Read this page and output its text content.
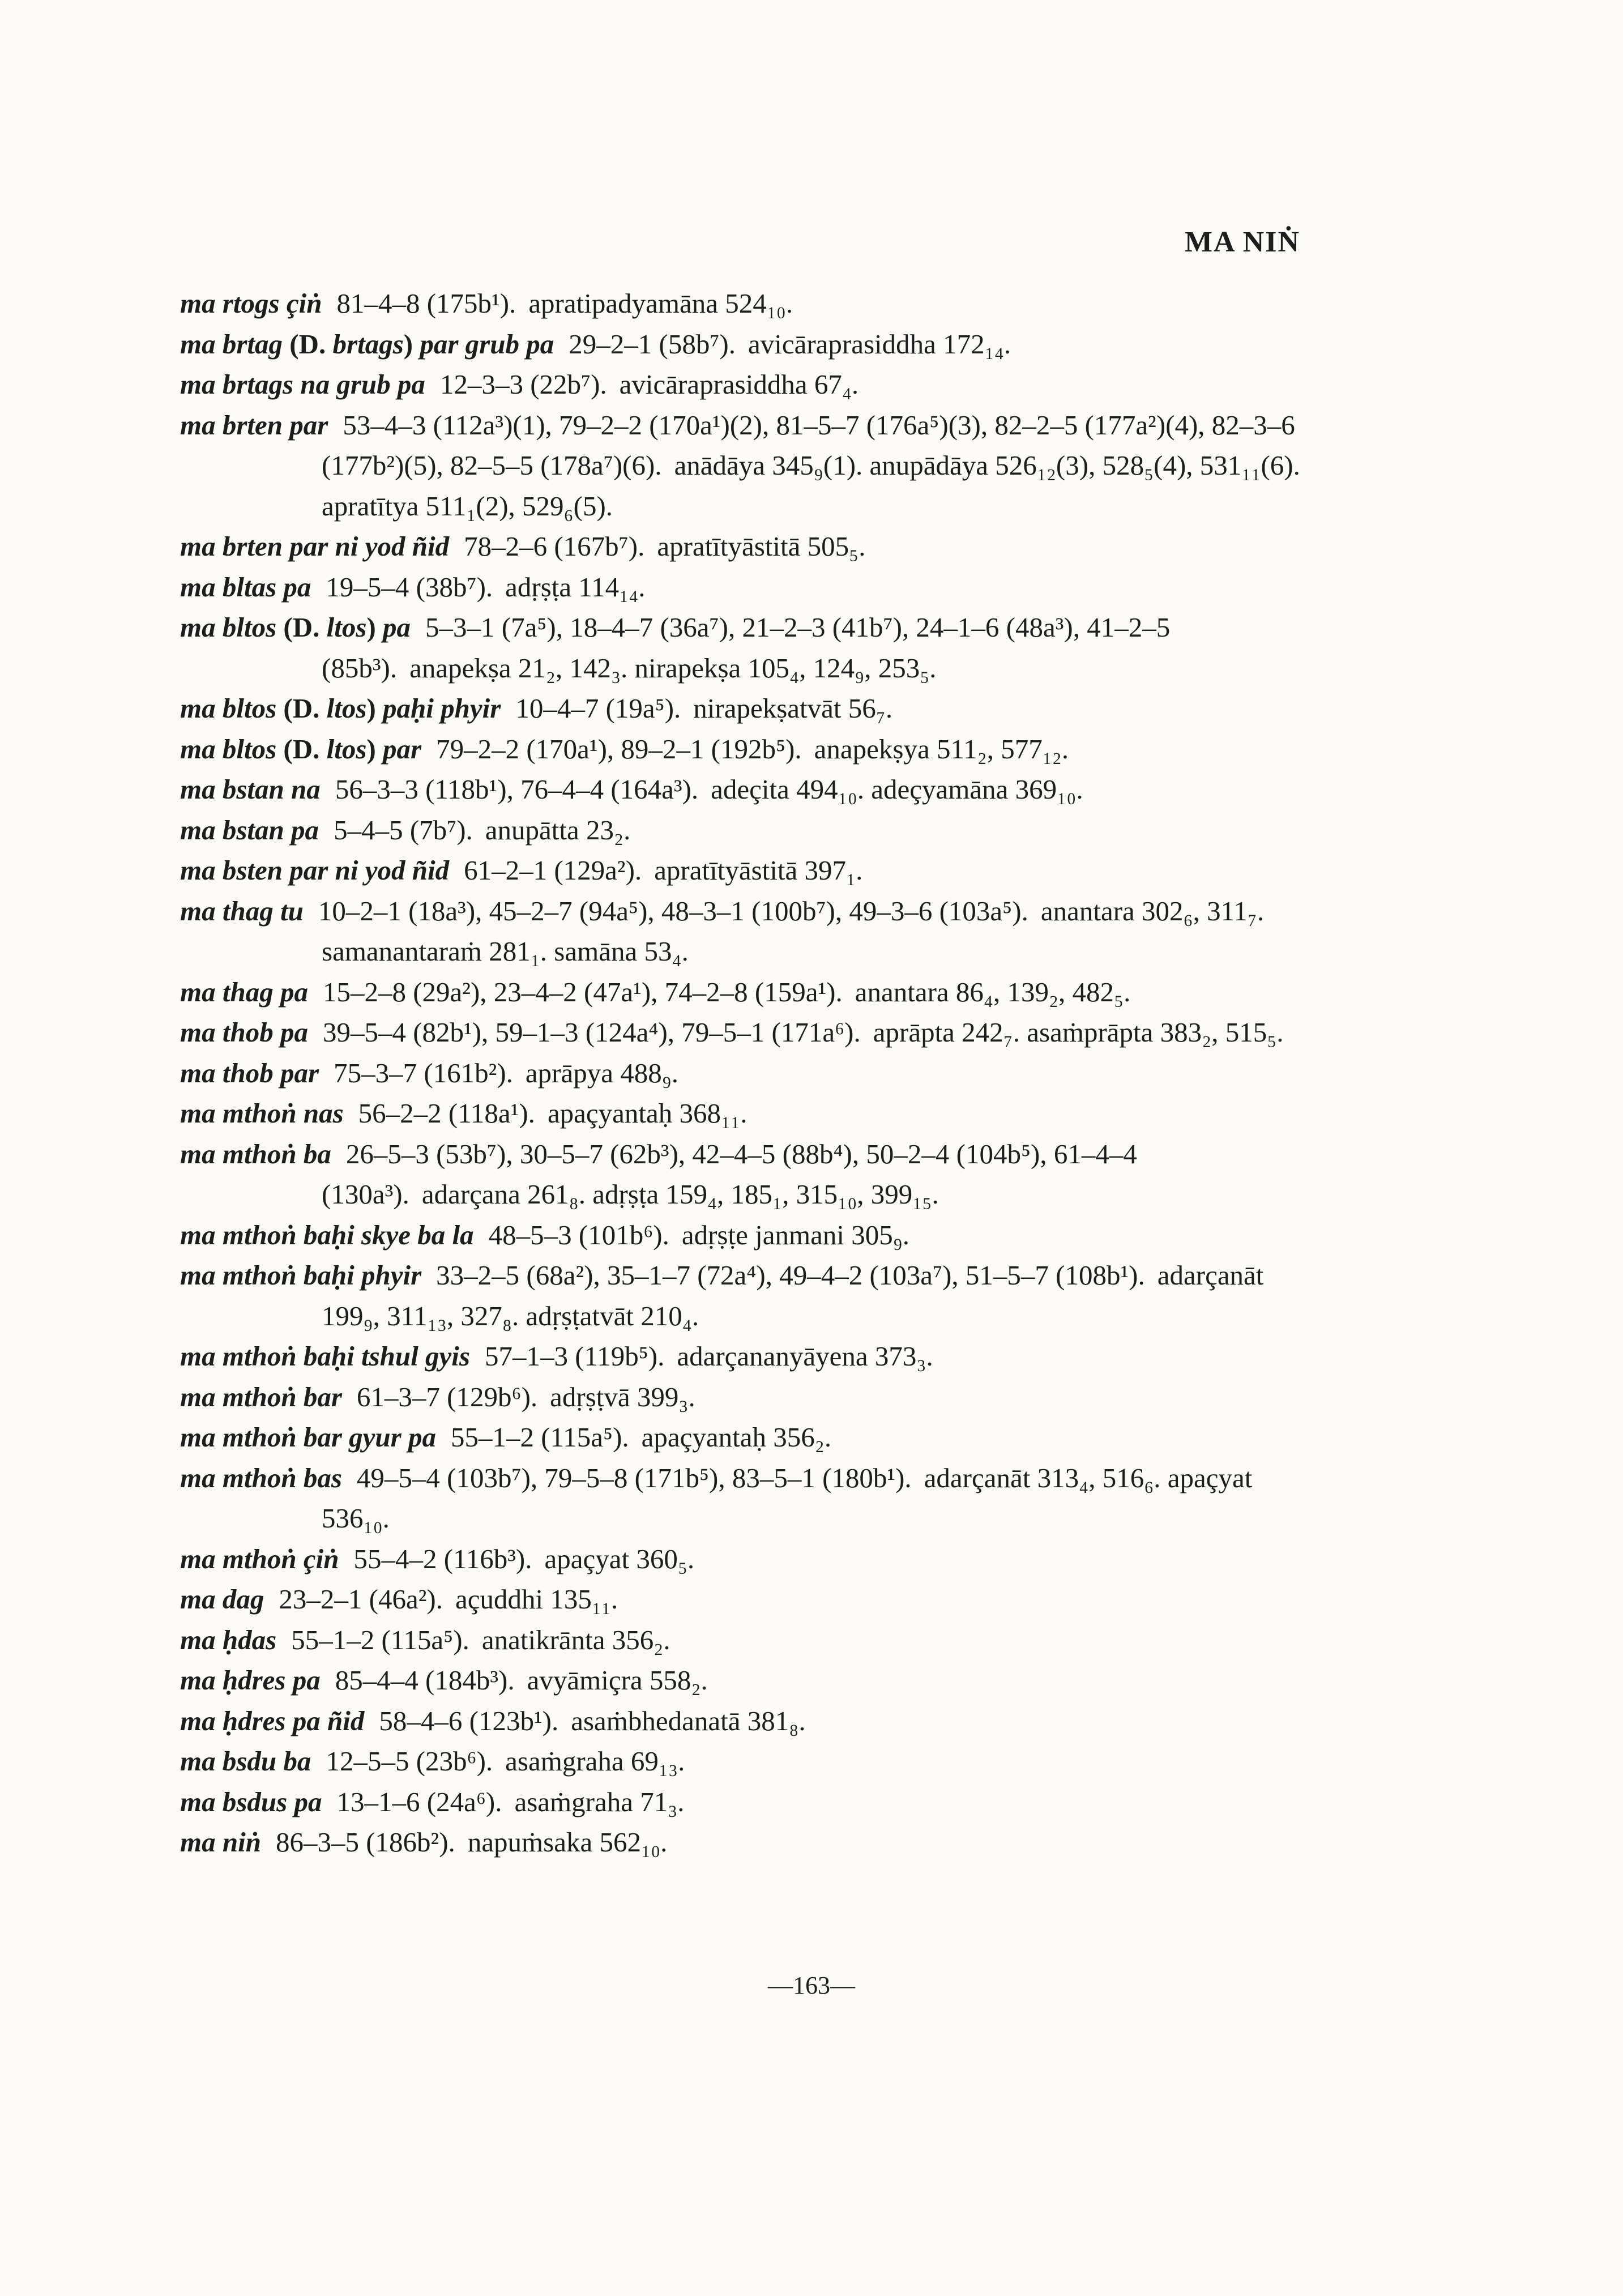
MA NIṄ

ma rtogs çiṅ 81–4–8 (175b¹). apratipadyamāna 524₁₀.

ma brtag (D. brtags) par grub pa 29–2–1 (58b⁷). avicāraprasiddha 172₁₄.

ma brtags na grub pa 12–3–3 (22b⁷). avicāraprasiddha 67₄.

ma brten par 53–4–3 (112a³)(1), 79–2–2 (170a¹)(2), 81–5–7 (176a⁵)(3), 82–2–5 (177a²)(4), 82–3–6 (177b²)(5), 82–5–5 (178a⁷)(6). anādāya 345₉(1). anupādāya 526₁₂(3), 528₅(4), 531₁₁(6). apratītya 511₁(2), 529₆(5).

ma brten par ni yod ñid 78–2–6 (167b⁷). apratītyāstitā 505₅.

ma bltas pa 19–5–4 (38b⁷). adṛṣṭa 114₁₄.

ma bltos (D. ltos) pa 5–3–1 (7a⁵), 18–4–7 (36a⁷), 21–2–3 (41b⁷), 24–1–6 (48a³), 41–2–5 (85b³). anapekṣa 21₂, 142₃. nirapekṣa 105₄, 124₉, 253₅.

ma bltos (D. ltos) paḥi phyir 10–4–7 (19a⁵). nirapekṣatvāt 56₇.

ma bltos (D. ltos) par 79–2–2 (170a¹), 89–2–1 (192b⁵). anapekṣya 511₂, 577₁₂.

ma bstan na 56–3–3 (118b¹), 76–4–4 (164a³). adeçita 494₁₀. adeçyamāna 369₁₀.

ma bstan pa 5–4–5 (7b⁷). anupātta 23₂.

ma bsten par ni yod ñid 61–2–1 (129a²). apratītyāstitā 397₁.

ma thag tu 10–2–1 (18a³), 45–2–7 (94a⁵), 48–3–1 (100b⁷), 49–3–6 (103a⁵). anantara 302₆, 311₇. samanantaraṁ 281₁. samāna 53₄.

ma thag pa 15–2–8 (29a²), 23–4–2 (47a¹), 74–2–8 (159a¹). anantara 86₄, 139₂, 482₅.

ma thob pa 39–5–4 (82b¹), 59–1–3 (124a⁴), 79–5–1 (171a⁶). aprāpta 242₇. asaṁprāpta 383₂, 515₅.

ma thob par 75–3–7 (161b²). aprāpya 488₉.

ma mthoṅ nas 56–2–2 (118a¹). apaçyantaḥ 368₁₁.

ma mthoṅ ba 26–5–3 (53b⁷), 30–5–7 (62b³), 42–4–5 (88b⁴), 50–2–4 (104b⁵), 61–4–4 (130a³). adarçana 261₈. adṛṣṭa 159₄, 185₁, 315₁₀, 399₁₅.

ma mthoṅ baḥi skye ba la 48–5–3 (101b⁶). adṛṣṭe janmani 305₉.

ma mthoṅ baḥi phyir 33–2–5 (68a²), 35–1–7 (72a⁴), 49–4–2 (103a⁷), 51–5–7 (108b¹). adarçanāt 199₉, 311₁₃, 327₈. adṛṣṭatvāt 210₄.

ma mthoṅ baḥi tshul gyis 57–1–3 (119b⁵). adarçananyāyena 373₃.

ma mthoṅ bar 61–3–7 (129b⁶). adṛṣṭvā 399₃.

ma mthoṅ bar gyur pa 55–1–2 (115a⁵). apaçyantaḥ 356₂.

ma mthoṅ bas 49–5–4 (103b⁷), 79–5–8 (171b⁵), 83–5–1 (180b¹). adarçanāt 313₄, 516₆. apaçyat 536₁₀.

ma mthoṅ çiṅ 55–4–2 (116b³). apaçyat 360₅.

ma dag 23–2–1 (46a²). açuddhi 135₁₁.

ma ḥdas 55–1–2 (115a⁵). anatikrānta 356₂.

ma ḥdres pa 85–4–4 (184b³). avyāmiçra 558₂.

ma ḥdres pa ñid 58–4–6 (123b¹). asaṁbhedanatā 381₈.

ma bsdu ba 12–5–5 (23b⁶). asaṁgraha 69₁₃.

ma bsdus pa 13–1–6 (24a⁶). asaṁgraha 71₃.

ma niṅ 86–3–5 (186b²). napuṁsaka 562₁₀.

—163—
